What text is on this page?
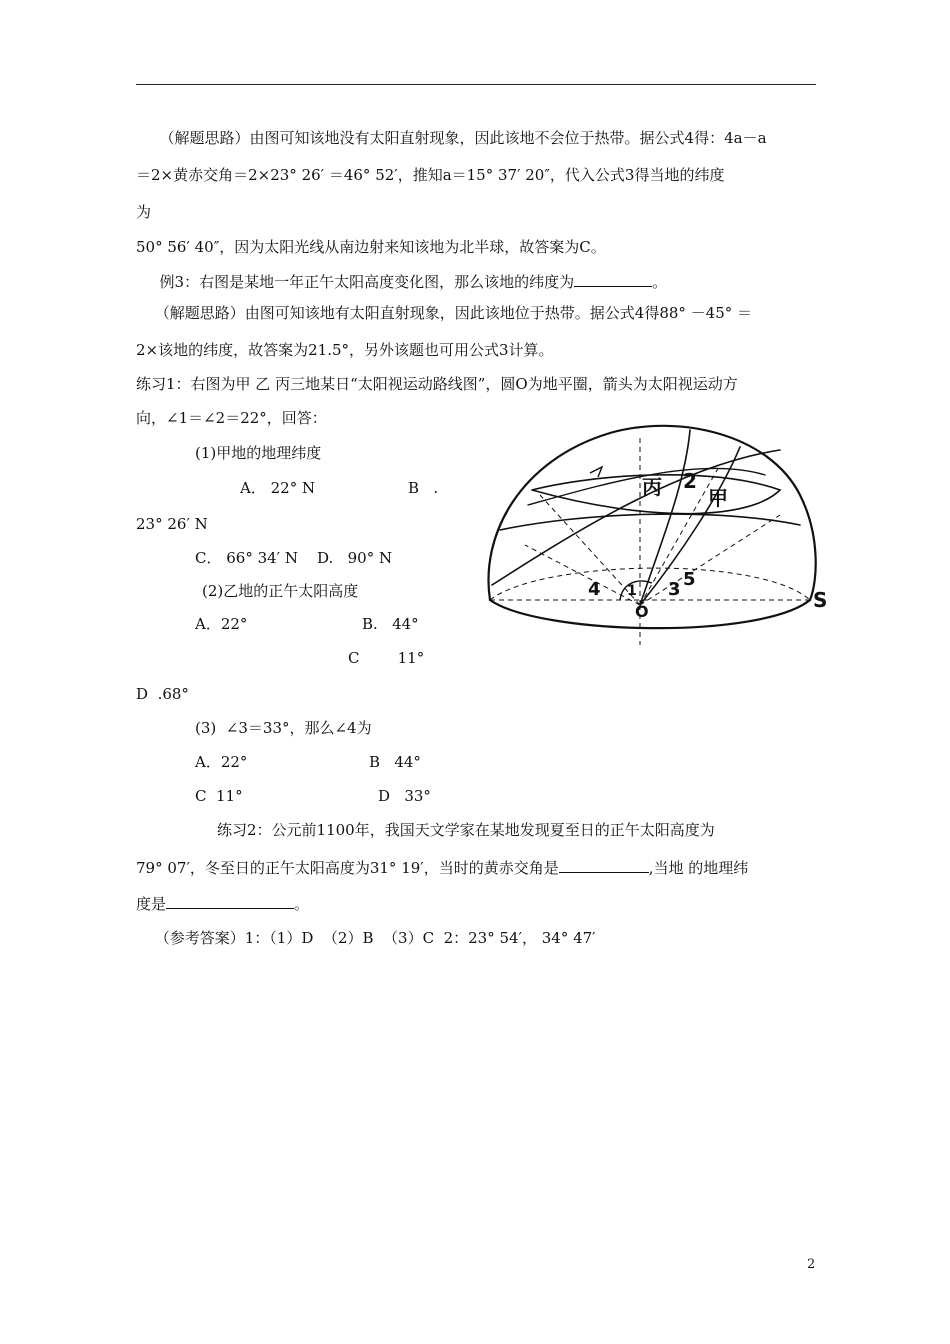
（解题思路）由图可知该地没有太阳直射现象，因此该地不会位于热带。据公式4得：4a－a
＝2×黄赤交角＝2×23° 26′ ＝46° 52′，推知a＝15° 37′ 20″，代入公式3得当地的纬度
为
50° 56′ 40″，因为太阳光线从南边射来知该地为北半球，故答案为C。
例3：右图是某地一年正午太阳高度变化图，那么该地的纬度为	。
（解题思路）由图可知该地有太阳直射现象，因此该地位于热带。据公式4得88° －45° ＝
2×该地的纬度，故答案为21.5°，另外该题也可用公式3计算。
练习1：右图为甲 乙 丙三地某日“太阳视运动路线图”，圆O为地平圈，箭头为太阳视运动方
向，∠1＝∠2＝22°，回答：
(1)甲地的地理纬度
A． 22° N	B   .
23° 26′ N
C． 66° 34′ N    D.   90° N
(2)乙地的正午太阳高度
A．22°	B.   44°
C        11°
D  .68°
(3)  ∠3＝33°，那么∠4为
A．22°	B   44°
C  11°	D   33°
练习2：公元前1100年，我国天文学家在某地发现夏至日的正午太阳高度为
79° 07′，冬至日的正午太阳高度为31° 19′，当时的黄赤交角是	,当地 的地理纬
度是	。
（参考答案）1：（1）D  （2）B  （3）C  2：23° 54′， 34° 47′
丙 2
甲
4 1 3 5
O	S
2
